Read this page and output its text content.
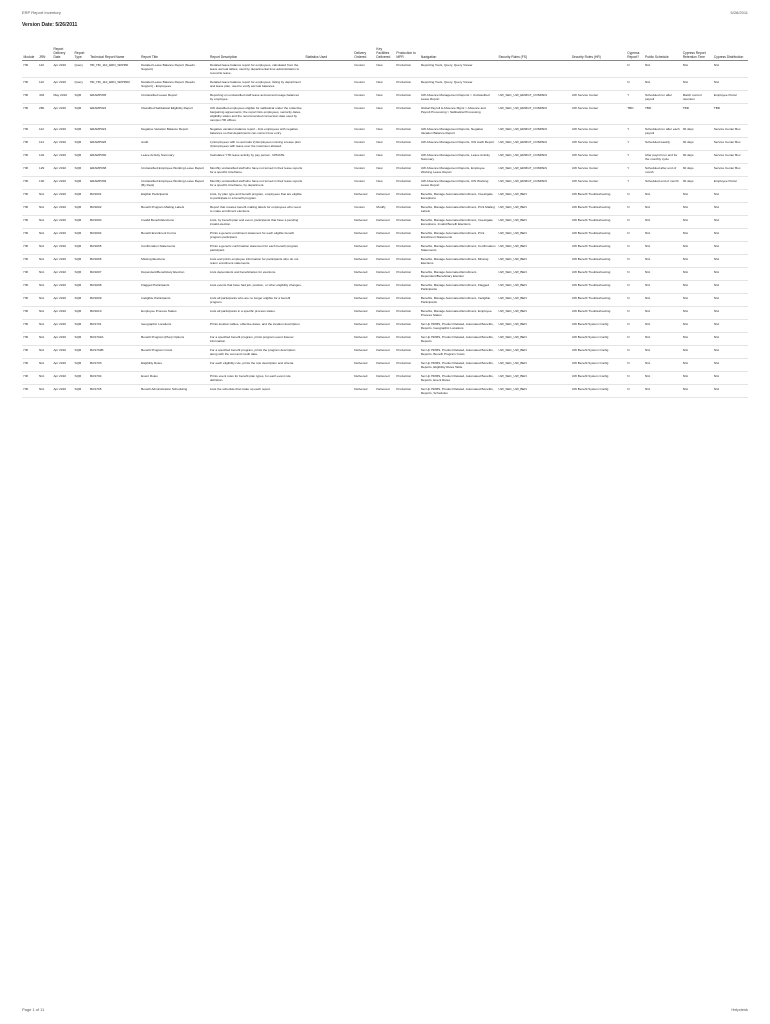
ERP Report Inventory	5/26/2011
Version Date: 5/26/2011
Module	JRN	Report Delivery Date	Report Type	Technical Report Name	Report Title	Report Description	Statistics Used	Delivery Ordered	Key Facilities Delivered	Production to MPR	Navigation	Security Roles (FS)	Security Roles (HR)	Cypress Report?	Public Schedule	Cypress Report Retention Time	Cypress Distribution
HR	110	Apr 2010	Query	HR_HR_110_ERN_SRPRD	Detailed Leave Balance Report (Needs Support)	Detailed leave balance report for employees, calculated from the leave accrual tables; used by departmental time administrators to reconcile leave.		Custom	New	Production	Reporting Tools, Query, Query Viewer			N	N/A	N/A	N/A
HR	110	Apr 2010	Query	HR_HR_110_ERN_SRPRD2	Detailed Leave Balance Report (Needs Support) - Employees	Detailed leave balance report for employees, listing by department and leave plan, used to verify accrual balances.		Custom	New	Production	Reporting Tools, Query, Query Viewer			N	N/A	N/A	N/A
HR	403	May 2010	SQR	ERAMP035	Unclassified Leave Report	Reporting on unclassified staff leave accrual and usage balances by employee.		Custom	New	Production	UW Absence Management Reports > Unclassified Leave Report	UW_SEC_UW_ERMGT_COMPEN	UW Service Center	Y	Scheduled run after payroll	Match current retention	Employee Portal
HR	280	Apr 2010	SQR	ERAMP022	Classified Sabbatical Eligibility Report	UW classified employees eligible for sabbatical under the collective bargaining agreements; the report lists employees, seniority dates, eligibility status and the recommended conversion date used by campus HR offices.		Custom	New	Production	Global Payroll & Absence Mgmt > Absence and Payroll Processing > Sabbatical Processing	UW_SEC_UW_ERMGT_COMPEN	UW Service Center	TBD	TBD	TBD	TBD
HR	112	Apr 2010	SQR	ERAMP024	Negative Vacation Balance Report	Negative vacation balance report - lists employees with negative balances so that departments can correct time entry.		Custom	New	Production	UW Absence Management Reports, Negative Vacation Balance Report	UW_SEC_UW_ERMGT_COMPEN	UW Service Center	Y	Scheduled run after each payroll	30 days	Service Center Box
HR	114	Apr 2010	SQR	ERAMP026	Audit	1) Employees with no accruals 2) Employees missing a leave plan 3) Employees with leave over the maximum allowed.		Custom	New	Production	UW Absence Management Reports, UW Audit Report	UW_SEC_UW_ERMGT_COMPEN	UW Service Center	Y	Scheduled weekly	30 days	Service Center Box
HR	102	Apr 2010	SQR	ERAMP030	Leave Activity Summary	Calculates YTD leave activity by pay period - UPDATE		Custom	New	Production	UW Absence Management Reports, Leave Activity Summary	UW_SEC_UW_ERMGT_COMPEN	UW Service Center	Y	After payroll run and for the monthly cycle	30 days	Service Center Box
HR	129	Apr 2010	SQR	ERAMP038	Unclassified Employee Working Leave Report	Monthly unclassified staff who have not turned in their leave reports for a specific timeframe.		Custom	New	Production	UW Absence Management Reports, Employee Working Leave Report	UW_SEC_UW_ERMGT_COMPEN	UW Service Center	Y	Scheduled after end of month	30 days	Service Center Box
HR	130	Apr 2010	SQR	ERAMP039	Unclassified Employee Working Leave Report (By Dept)	Monthly unclassified staff who have not turned in their leave reports for a specific timeframe, by department.		Custom	New	Production	UW Absence Management Reports, UW Working Leave Report	UW_SEC_UW_ERMGT_COMPEN	UW Service Center	Y	Scheduled end of month	30 days	Employee Portal
HR	N/A	Apr 2010	SQR	BAS001	Eligible Participants	Lists, by plan type and benefit program, employees that are eligible to participate in a benefit program.		Delivered	Delivered	Production	Benefits, Manage Automated Enrollment, Investigate Exceptions	UW_SEC_UW_BEN	UW Benefit Troubleshooting	N	N/A	N/A	N/A
HR	N/A	Apr 2010	SQR	BAS002	Benefit Program Mailing Labels	Report that creates benefit mailing labels for employees who need to make enrollment elections.		Custom	Modify	Production	Benefits, Manage Automated Enrollment, Print Mailing Labels	UW_SEC_UW_BEN	UW Benefit Troubleshooting	N	N/A	N/A	N/A
HR	N/A	Apr 2010	SQR	BAS003	Invalid Benefit Elections	Lists, by benefit plan and event, participants that have a pending invalid election.		Delivered	Delivered	Production	Benefits, Manage Automated Enrollment, Investigate Exceptions, Invalid Benefit Elections	UW_SEC_UW_BEN	UW Benefit Troubleshooting	N	N/A	N/A	N/A
HR	N/A	Apr 2010	SQR	BAS004	Benefit Enrollment Forms	Prints a generic enrollment statement for each eligible benefit program participant.		Delivered	Delivered	Production	Benefits, Manage Automated Enrollment, Print Enrollment Statements	UW_SEC_UW_BEN	UW Benefit Troubleshooting	N	N/A	N/A	N/A
HR	N/A	Apr 2010	SQR	BAS005	Confirmation Statements	Prints a generic confirmation statement for each benefit program participant.		Delivered	Delivered	Production	Benefits, Manage Automated Enrollment, Confirmation Statements	UW_SEC_UW_BEN	UW Benefit Troubleshooting	N	N/A	N/A	N/A
HR	N/A	Apr 2010	SQR	BAS006	Missing Elections	Lists and prints employee information for participants who do not return enrollment statements.		Delivered	Delivered	Production	Benefits, Manage Automated Enrollment, Missing Elections	UW_SEC_UW_BEN	UW Benefit Troubleshooting	N	N/A	N/A	N/A
HR	N/A	Apr 2010	SQR	BAS007	Dependent/Beneficiary Election	Lists dependents and beneficiaries for elections.		Delivered	Delivered	Production	Benefits, Manage Automated Enrollment, Dependent/Beneficiary Election	UW_SEC_UW_BEN	UW Benefit Troubleshooting	N	N/A	N/A	N/A
HR	N/A	Apr 2010	SQR	BAS008	Flagged Participants	Lists events that have had job, position, or other eligibility changes.		Delivered	Delivered	Production	Benefits, Manage Automated Enrollment, Flagged Participants	UW_SEC_UW_BEN	UW Benefit Troubleshooting	N	N/A	N/A	N/A
HR	N/A	Apr 2010	SQR	BAS009	Ineligible Participants	Lists all participants who are no longer eligible for a benefit program.		Delivered	Delivered	Production	Benefits, Manage Automated Enrollment, Ineligible Participants	UW_SEC_UW_BEN	UW Benefit Troubleshooting	N	N/A	N/A	N/A
HR	N/A	Apr 2010	SQR	BAS010	Employee Process Status	Lists all participants in a specific process status.		Delivered	Delivered	Production	Benefits, Manage Automated Enrollment, Employee Process Status	UW_SEC_UW_BEN	UW Benefit Troubleshooting	N	N/A	N/A	N/A
HR	N/A	Apr 2010	SQR	BAS701	Geographic Locations	Prints location tables, effective dates, and the location description.		Delivered	Delivered	Production	Set Up HRMS, Product Related, Automated Benefits, Reports, Geographic Locations	UW_SEC_UW_BEN	UW Benefit System Config	N	N/A	N/A	N/A
HR	N/A	Apr 2010	SQR	BAS702A	Benefit Program (Plan) Options	For a specified benefit program, prints program event listener information.		Delivered	Delivered	Production	Set Up HRMS, Product Related, Automated Benefits, Reports	UW_SEC_UW_BEN	UW Benefit System Config	N	N/A	N/A	N/A
HR	N/A	Apr 2010	SQR	BAS702B	Benefit Program Costs	For a specified benefit program, prints the program description along with the cost and credit data.		Delivered	Delivered	Production	Set Up HRMS, Product Related, Automated Benefits, Reports, Benefit Program Costs	UW_SEC_UW_BEN	UW Benefit System Config	N	N/A	N/A	N/A
HR	N/A	Apr 2010	SQR	BAS703	Eligibility Rules	For each eligibility rule, prints the rule description and criteria.		Delivered	Delivered	Production	Set Up HRMS, Product Related, Automated Benefits, Reports, Eligibility Rules Table	UW_SEC_UW_BEN	UW Benefit System Config	N	N/A	N/A	N/A
HR	N/A	Apr 2010	SQR	BAS704	Event Rules	Prints event rules for benefit plan types, for each event rule definition.		Delivered	Delivered	Production	Set Up HRMS, Product Related, Automated Benefits, Reports, Event Rules	UW_SEC_UW_BEN	UW Benefit System Config	N	N/A	N/A	N/A
HR	N/A	Apr 2010	SQR	BAS705	Benefit Administration Scheduling	Lists the schedule that make up each report.		Delivered	Delivered	Production	Set Up HRMS, Product Related, Automated Benefits, Reports, Schedules	UW_SEC_UW_BEN	UW Benefit System Config	N	N/A	N/A	N/A
Page 1 of 11	Helpdesk
